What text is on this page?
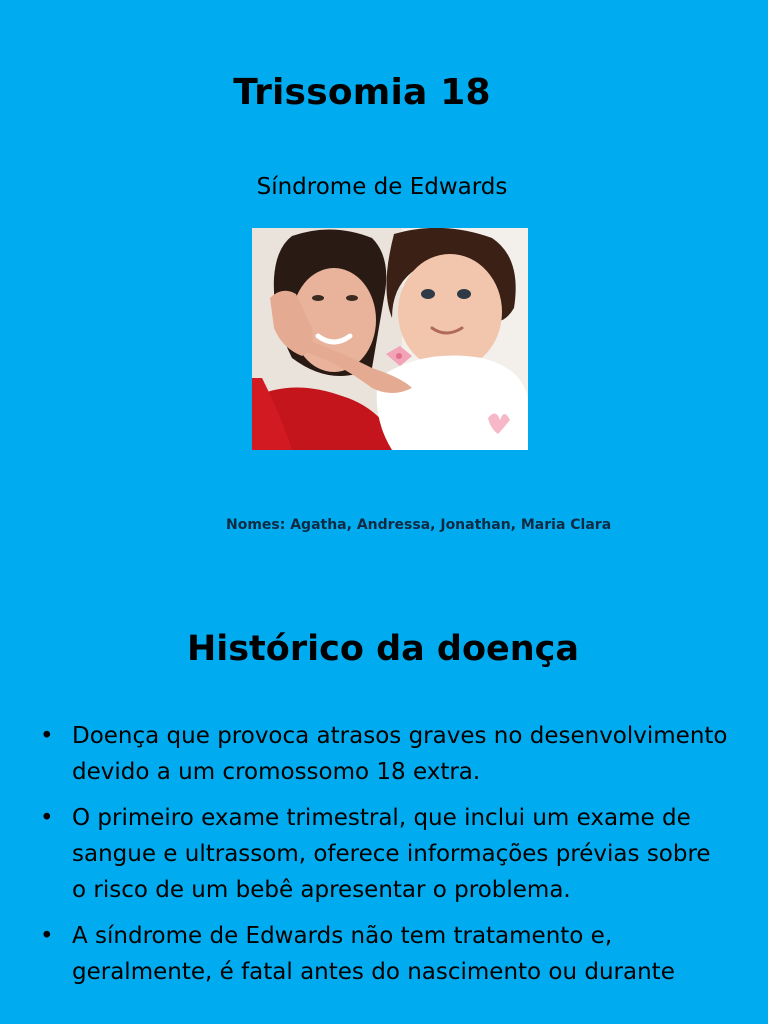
Trissomia 18

Síndrome de Edwards

Nomes: Agatha, Andressa, Jonathan, Maria Clara

Histórico da doença
• Doença que provoca atrasos graves no desenvolvimento devido a um cromossomo 18 extra.
• O primeiro exame trimestral, que inclui um exame de sangue e ultrassom, oferece informações prévias sobre o risco de um bebê apresentar o problema.
• A síndrome de Edwards não tem tratamento e, geralmente, é fatal antes do nascimento ou durante
